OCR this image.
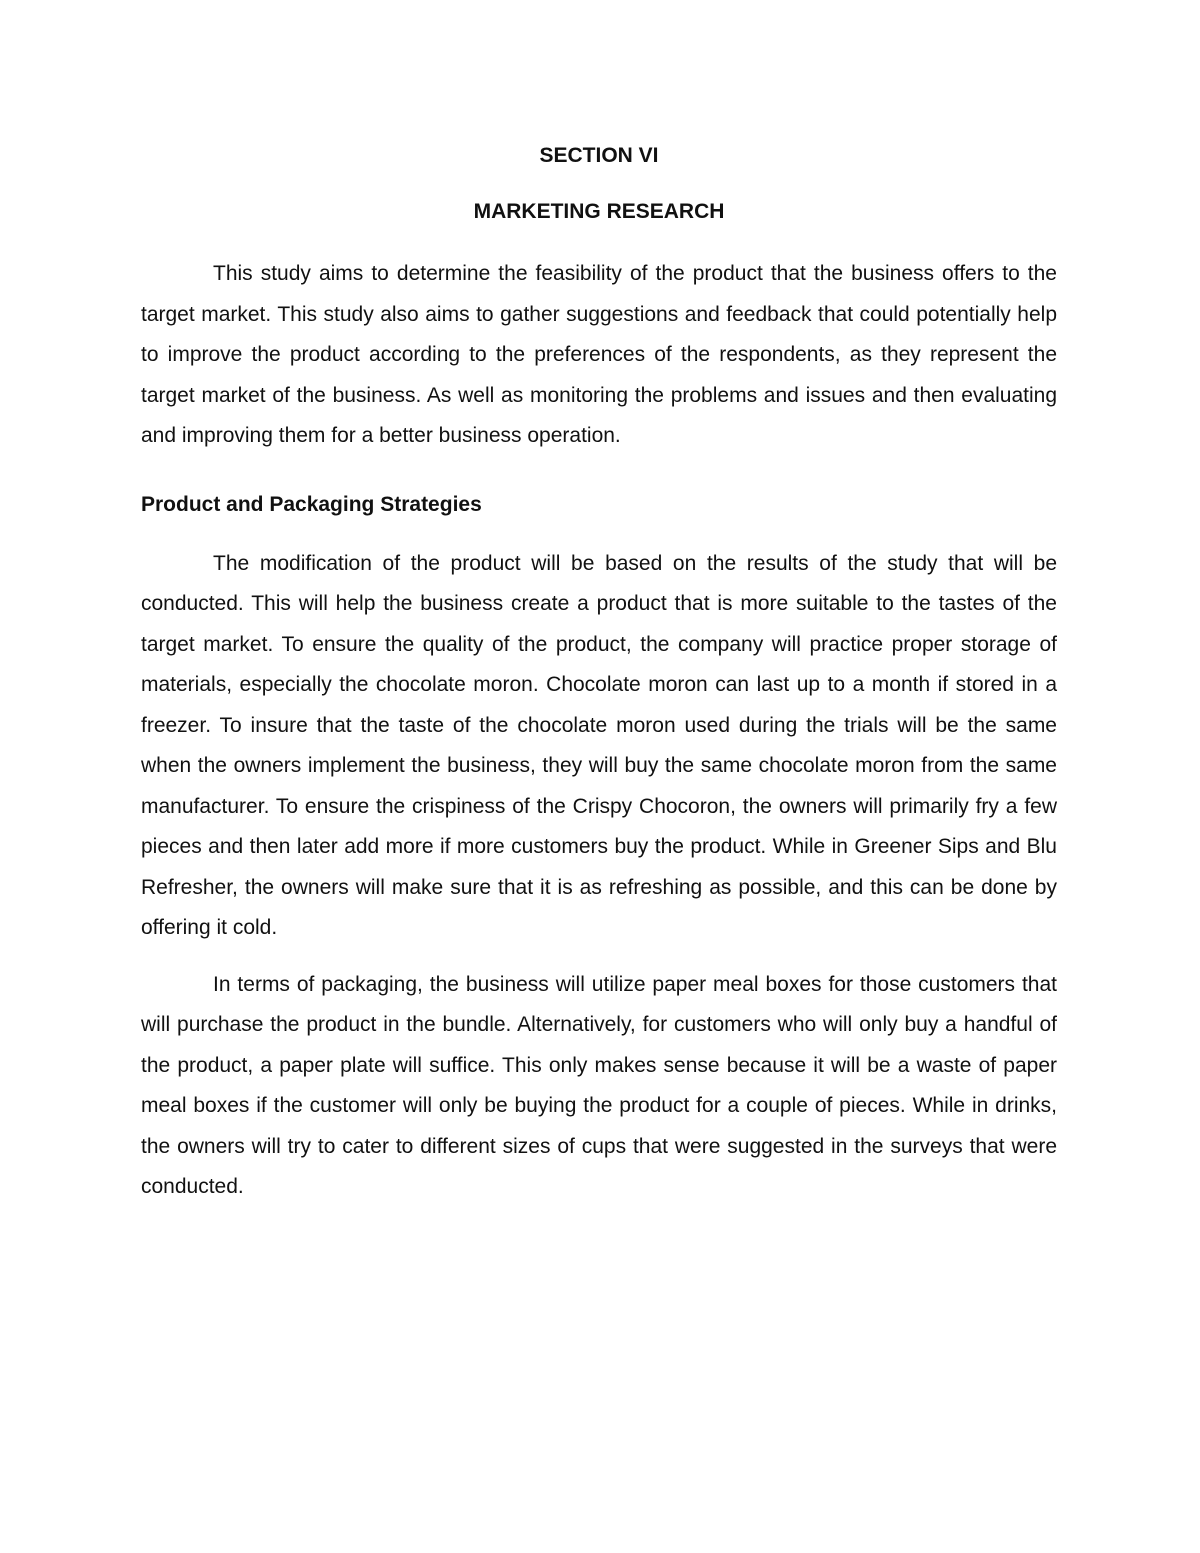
SECTION VI

MARKETING RESEARCH

This study aims to determine the feasibility of the product that the business offers to the target market. This study also aims to gather suggestions and feedback that could potentially help to improve the product according to the preferences of the respondents, as they represent the target market of the business. As well as monitoring the problems and issues and then evaluating and improving them for a better business operation.

Product and Packaging Strategies

The modification of the product will be based on the results of the study that will be conducted. This will help the business create a product that is more suitable to the tastes of the target market. To ensure the quality of the product, the company will practice proper storage of materials, especially the chocolate moron. Chocolate moron can last up to a month if stored in a freezer. To insure that the taste of the chocolate moron used during the trials will be the same when the owners implement the business, they will buy the same chocolate moron from the same manufacturer. To ensure the crispiness of the Crispy Chocoron, the owners will primarily fry a few pieces and then later add more if more customers buy the product. While in Greener Sips and Blu Refresher, the owners will make sure that it is as refreshing as possible, and this can be done by offering it cold.

In terms of packaging, the business will utilize paper meal boxes for those customers that will purchase the product in the bundle. Alternatively, for customers who will only buy a handful of the product, a paper plate will suffice. This only makes sense because it will be a waste of paper meal boxes if the customer will only be buying the product for a couple of pieces. While in drinks, the owners will try to cater to different sizes of cups that were suggested in the surveys that were conducted.
